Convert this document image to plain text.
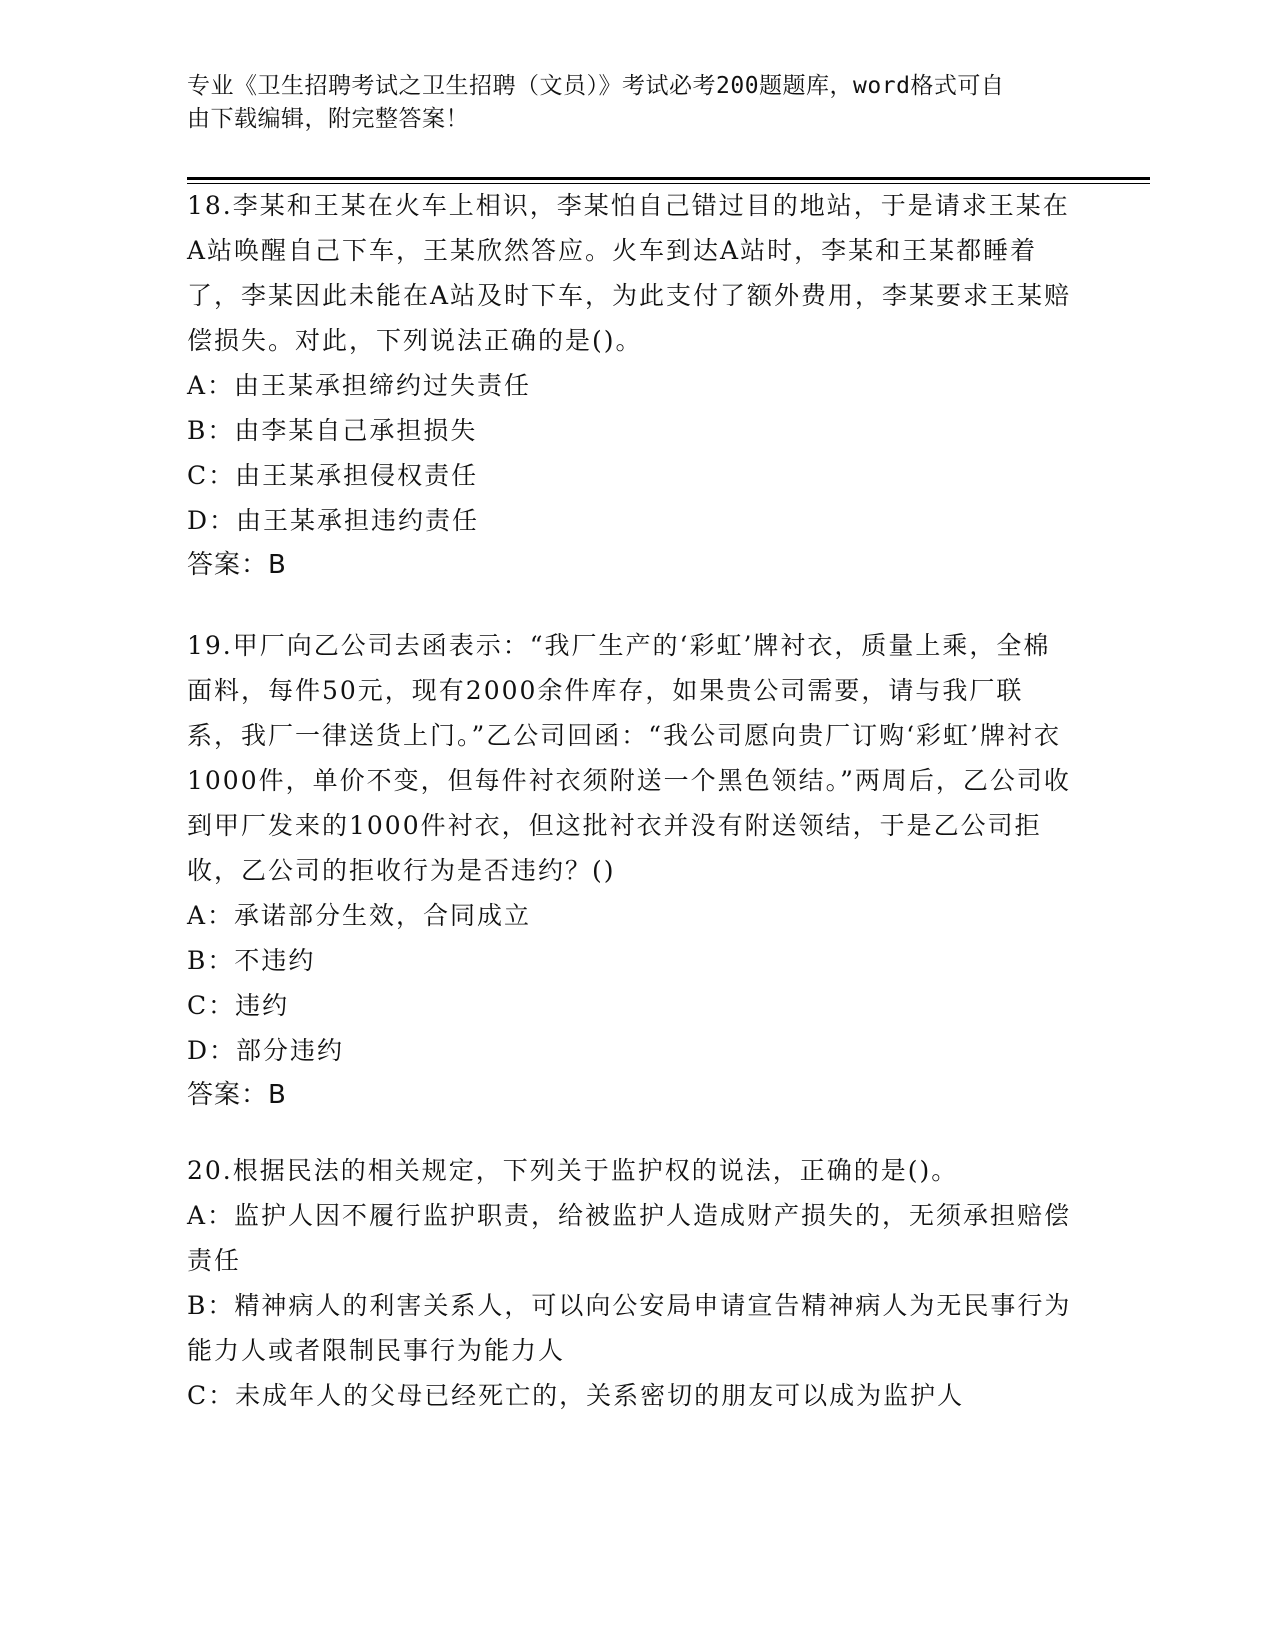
专业《卫生招聘考试之卫生招聘（文员）》考试必考200题题库，word格式可自
由下载编辑，附完整答案！
18.李某和王某在火车上相识，李某怕自己错过目的地站，于是请求王某在A站唤醒自己下车，王某欣然答应。火车到达A站时，李某和王某都睡着了，李某因此未能在A站及时下车，为此支付了额外费用，李某要求王某赔偿损失。对此，下列说法正确的是()。
A：由王某承担缔约过失责任
B：由李某自己承担损失
C：由王某承担侵权责任
D：由王某承担违约责任
答案：B
19.甲厂向乙公司去函表示：“我厂生产的‘彩虹’牌衬衣，质量上乘，全棉面料，每件50元，现有2000余件库存，如果贵公司需要，请与我厂联系，我厂一律送货上门。”乙公司回函：“我公司愿向贵厂订购‘彩虹’牌衬衣1000件，单价不变，但每件衬衣须附送一个黑色领结。”两周后，乙公司收到甲厂发来的1000件衬衣，但这批衬衣并没有附送领结，于是乙公司拒收，乙公司的拒收行为是否违约？()
A：承诺部分生效，合同成立
B：不违约
C：违约
D：部分违约
答案：B
20.根据民法的相关规定，下列关于监护权的说法，正确的是()。
A：监护人因不履行监护职责，给被监护人造成财产损失的，无须承担赔偿责任
B：精神病人的利害关系人，可以向公安局申请宣告精神病人为无民事行为能力人或者限制民事行为能力人
C：未成年人的父母已经死亡的，关系密切的朋友可以成为监护人
